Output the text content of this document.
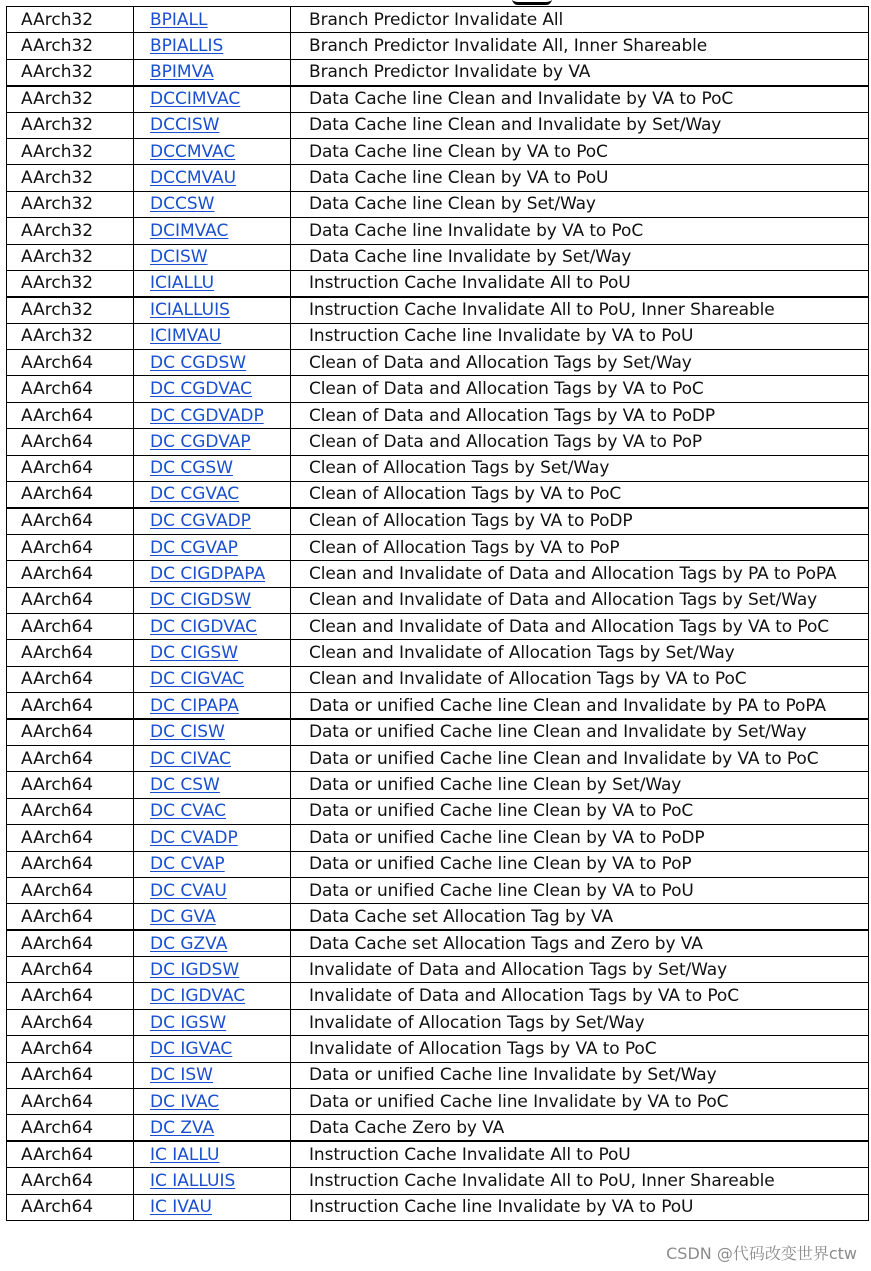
AArch32	BPIALL	Branch Predictor Invalidate All
AArch32	BPIALLIS	Branch Predictor Invalidate All, Inner Shareable
AArch32	BPIMVA	Branch Predictor Invalidate by VA
AArch32	DCCIMVAC	Data Cache line Clean and Invalidate by VA to PoC
AArch32	DCCISW	Data Cache line Clean and Invalidate by Set/Way
AArch32	DCCMVAC	Data Cache line Clean by VA to PoC
AArch32	DCCMVAU	Data Cache line Clean by VA to PoU
AArch32	DCCSW	Data Cache line Clean by Set/Way
AArch32	DCIMVAC	Data Cache line Invalidate by VA to PoC
AArch32	DCISW	Data Cache line Invalidate by Set/Way
AArch32	ICIALLU	Instruction Cache Invalidate All to PoU
AArch32	ICIALLUIS	Instruction Cache Invalidate All to PoU, Inner Shareable
AArch32	ICIMVAU	Instruction Cache line Invalidate by VA to PoU
AArch64	DC CGDSW	Clean of Data and Allocation Tags by Set/Way
AArch64	DC CGDVAC	Clean of Data and Allocation Tags by VA to PoC
AArch64	DC CGDVADP	Clean of Data and Allocation Tags by VA to PoDP
AArch64	DC CGDVAP	Clean of Data and Allocation Tags by VA to PoP
AArch64	DC CGSW	Clean of Allocation Tags by Set/Way
AArch64	DC CGVAC	Clean of Allocation Tags by VA to PoC
AArch64	DC CGVADP	Clean of Allocation Tags by VA to PoDP
AArch64	DC CGVAP	Clean of Allocation Tags by VA to PoP
AArch64	DC CIGDPAPA	Clean and Invalidate of Data and Allocation Tags by PA to PoPA
AArch64	DC CIGDSW	Clean and Invalidate of Data and Allocation Tags by Set/Way
AArch64	DC CIGDVAC	Clean and Invalidate of Data and Allocation Tags by VA to PoC
AArch64	DC CIGSW	Clean and Invalidate of Allocation Tags by Set/Way
AArch64	DC CIGVAC	Clean and Invalidate of Allocation Tags by VA to PoC
AArch64	DC CIPAPA	Data or unified Cache line Clean and Invalidate by PA to PoPA
AArch64	DC CISW	Data or unified Cache line Clean and Invalidate by Set/Way
AArch64	DC CIVAC	Data or unified Cache line Clean and Invalidate by VA to PoC
AArch64	DC CSW	Data or unified Cache line Clean by Set/Way
AArch64	DC CVAC	Data or unified Cache line Clean by VA to PoC
AArch64	DC CVADP	Data or unified Cache line Clean by VA to PoDP
AArch64	DC CVAP	Data or unified Cache line Clean by VA to PoP
AArch64	DC CVAU	Data or unified Cache line Clean by VA to PoU
AArch64	DC GVA	Data Cache set Allocation Tag by VA
AArch64	DC GZVA	Data Cache set Allocation Tags and Zero by VA
AArch64	DC IGDSW	Invalidate of Data and Allocation Tags by Set/Way
AArch64	DC IGDVAC	Invalidate of Data and Allocation Tags by VA to PoC
AArch64	DC IGSW	Invalidate of Allocation Tags by Set/Way
AArch64	DC IGVAC	Invalidate of Allocation Tags by VA to PoC
AArch64	DC ISW	Data or unified Cache line Invalidate by Set/Way
AArch64	DC IVAC	Data or unified Cache line Invalidate by VA to PoC
AArch64	DC ZVA	Data Cache Zero by VA
AArch64	IC IALLU	Instruction Cache Invalidate All to PoU
AArch64	IC IALLUIS	Instruction Cache Invalidate All to PoU, Inner Shareable
AArch64	IC IVAU	Instruction Cache line Invalidate by VA to PoU
CSDN @代码改变世界ctw
